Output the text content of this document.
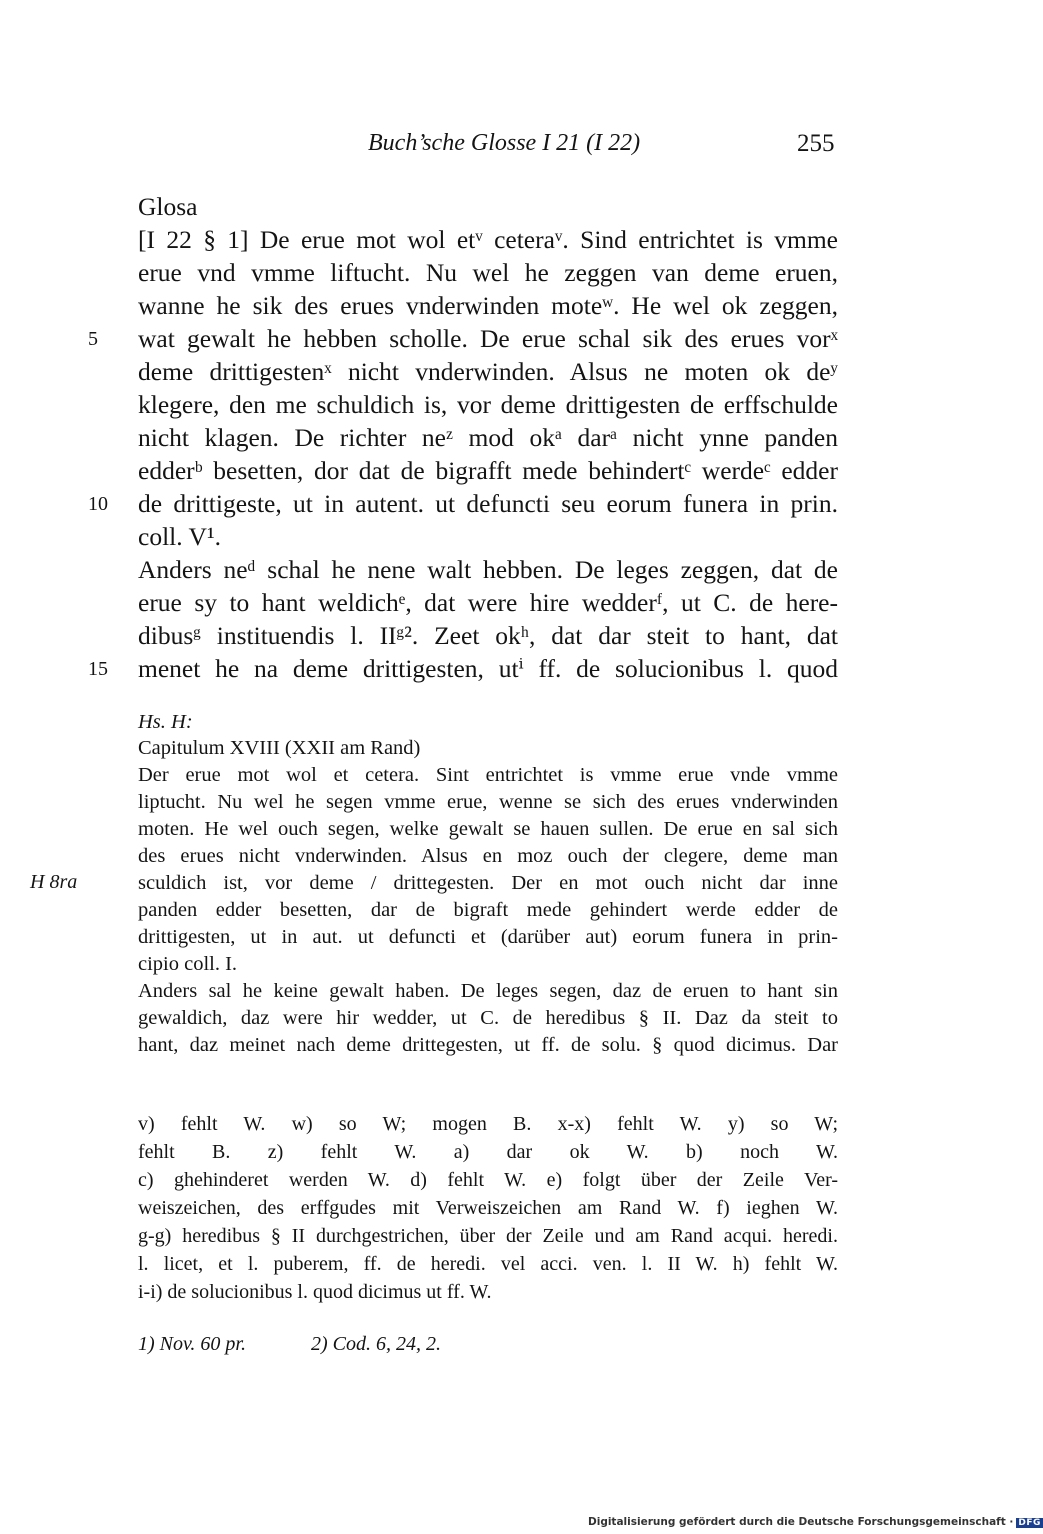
Buch’sche Glosse I 21 (I 22)	255
Glosa
[I 22 § 1] De erue mot wol etᵛ ceteraᵛ. Sind entrichtet is vmme
erue vnd vmme liftucht. Nu wel he zeggen van deme eruen,
wanne he sik des erues vnderwinden moteʷ. He wel ok zeggen,
wat gewalt he hebben scholle. De erue schal sik des erues vorˣ
deme drittigestenˣ nicht vnderwinden. Alsus ne moten ok deʸ
klegere, den me schuldich is, vor deme drittigesten de erffschulde
nicht klagen. De richter neᶻ mod okᵃ darᵃ nicht ynne panden
edderᵇ besetten, dor dat de bigrafft mede behindertᶜ werdeᶜ edder
de drittigeste, ut in autent. ut defuncti seu eorum funera in prin.
coll. V¹.
Anders neᵈ schal he nene walt hebben. De leges zeggen, dat de
erue sy to hant weldichᵉ, dat were hire wedderᶠ, ut C. de here-
dibusᵍ instituendis l. IIᵍ². Zeet okʰ, dat dar steit to hant, dat
menet he na deme drittigesten, utⁱ ff. de solucionibus l. quod
5
10
15
Hs. H:
Capitulum XVIII (XXII am Rand)
Der erue mot wol et cetera. Sint entrichtet is vmme erue vnde vmme
liptucht. Nu wel he segen vmme erue, wenne se sich des erues vnderwinden
moten. He wel ouch segen, welke gewalt se hauen sullen. De erue en sal sich
des erues nicht vnderwinden. Alsus en moz ouch der clegere, deme man
sculdich ist, vor deme / drittegesten. Der en mot ouch nicht dar inne
panden edder besetten, dar de bigraft mede gehindert werde edder de
drittigesten, ut in aut. ut defuncti et (darüber aut) eorum funera in prin-
cipio coll. I.
Anders sal he keine gewalt haben. De leges segen, daz de eruen to hant sin
gewaldich, daz were hir wedder, ut C. de heredibus § II. Daz da steit to
hant, daz meinet nach deme drittegesten, ut ff. de solu. § quod dicimus. Dar
H 8ra
v) fehlt W. w) so W; mogen B. x-x) fehlt W. y) so W;
fehlt B. z) fehlt W. a) dar ok W. b) noch W.
c) ghehinderet werden W. d) fehlt W. e) folgt über der Zeile Ver-
weiszeichen, des erffgudes mit Verweiszeichen am Rand W. f) ieghen W.
g-g) heredibus § II durchgestrichen, über der Zeile und am Rand acqui. heredi.
l. licet, et l. puberem, ff. de heredi. vel acci. ven. l. II W. h) fehlt W.
i-i) de solucionibus l. quod dicimus ut ff. W.
1) Nov. 60 pr.	2) Cod. 6, 24, 2.
Digitalisierung gefördert durch die Deutsche Forschungsgemeinschaft · DFG
